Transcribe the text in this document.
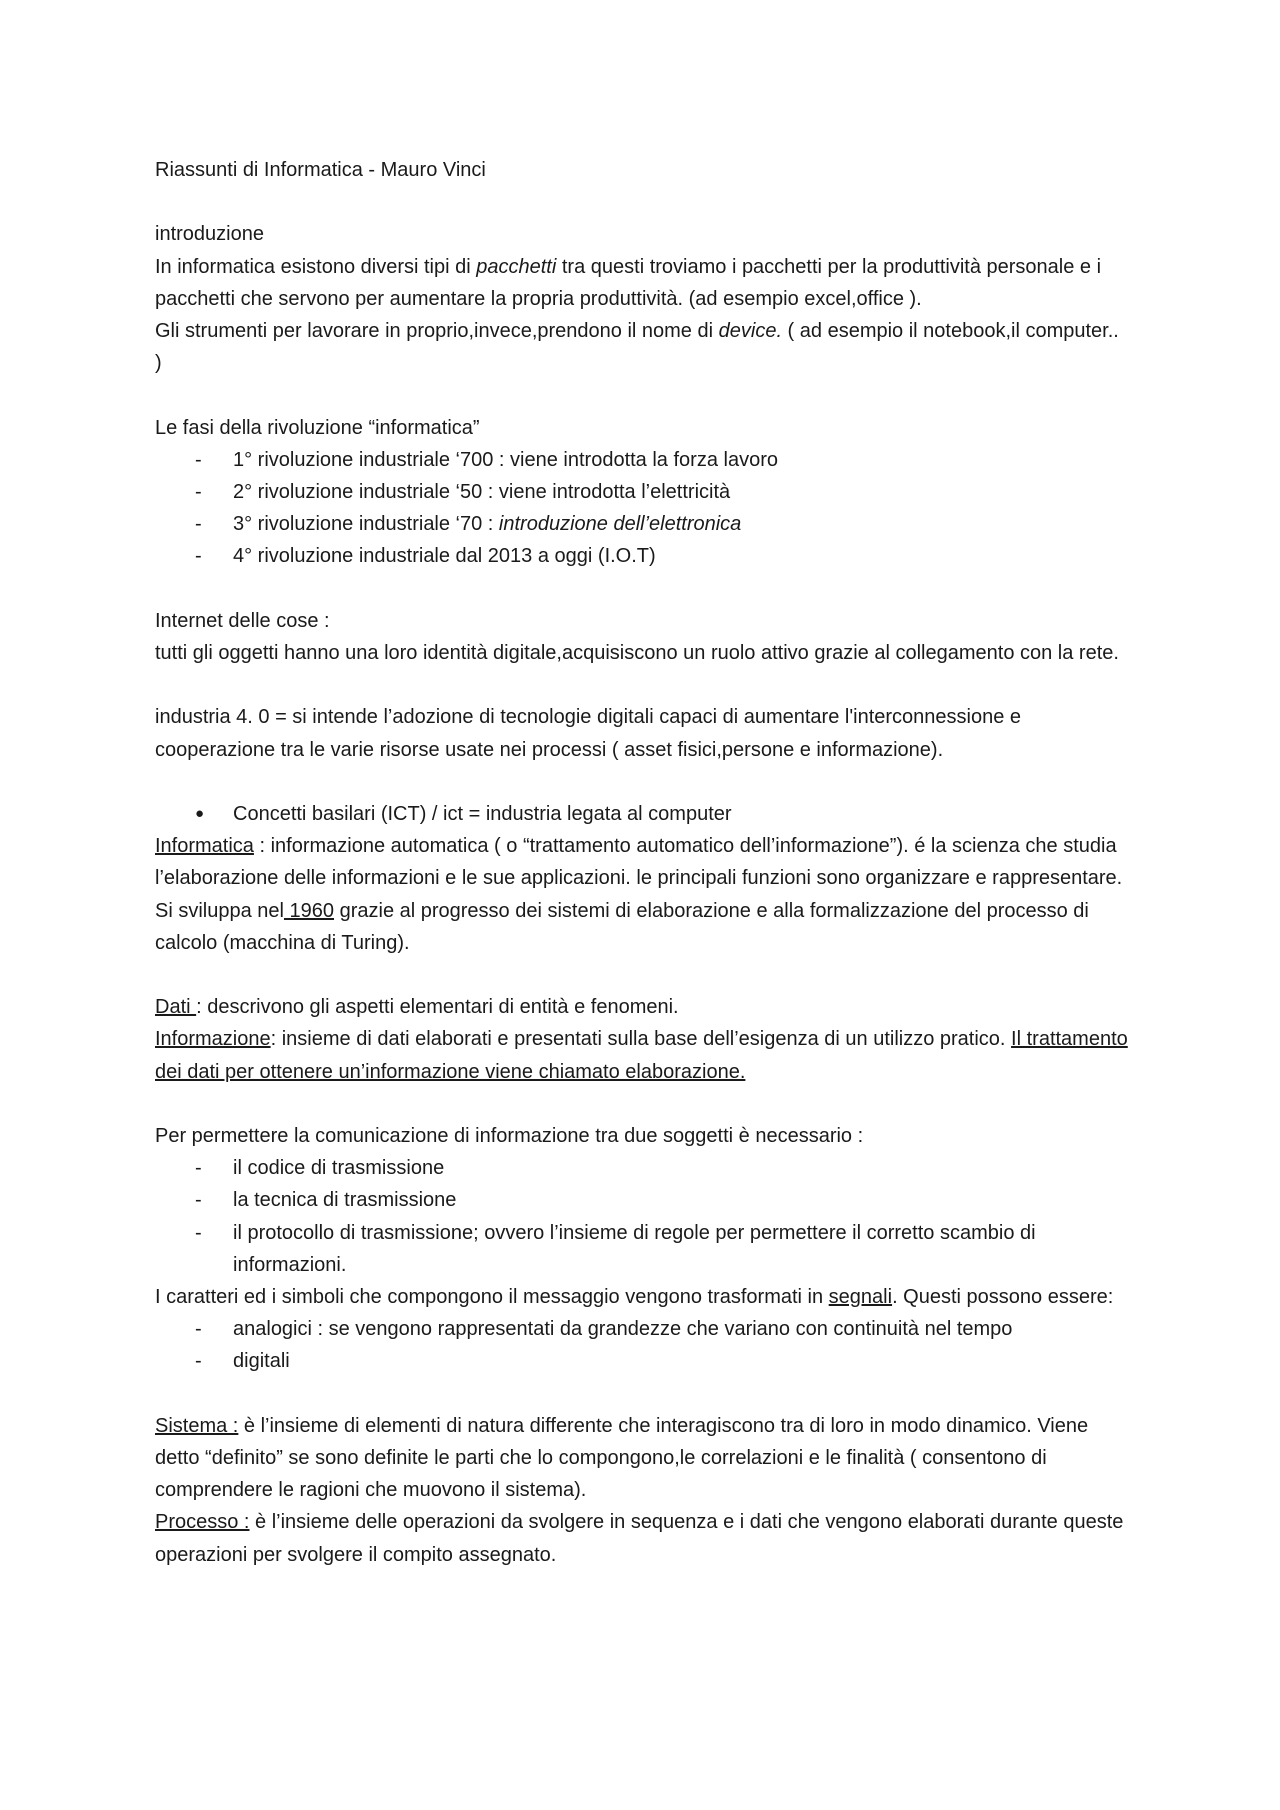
Riassunti di Informatica - Mauro Vinci

introduzione

In informatica esistono diversi tipi di pacchetti tra questi troviamo i pacchetti per la produttività personale e i pacchetti che servono per aumentare la propria produttività. (ad esempio excel,office ).

Gli strumenti per lavorare in proprio,invece,prendono il nome di device. ( ad esempio il notebook,il computer.. )

Le fasi della rivoluzione “informatica”

- 1° rivoluzione industriale ‘700 : viene introdotta la forza lavoro
- 2° rivoluzione industriale ‘50 : viene introdotta l’elettricità
- 3° rivoluzione industriale ‘70 : introduzione dell’elettronica
- 4° rivoluzione industriale dal 2013 a oggi (I.O.T)

Internet delle cose :

tutti gli oggetti hanno una loro identità digitale,acquisiscono un ruolo attivo grazie al collegamento con la rete.

industria 4. 0 = si intende l’adozione di tecnologie digitali capaci di aumentare l'interconnessione e cooperazione tra le varie risorse usate nei processi ( asset fisici,persone e informazione).

● Concetti basilari (ICT) / ict = industria legata al computer

Informatica : informazione automatica ( o “trattamento automatico dell’informazione”). é la scienza che studia l’elaborazione delle informazioni e le sue applicazioni. le principali funzioni sono organizzare e rappresentare. Si sviluppa nel 1960 grazie al progresso dei sistemi di elaborazione e alla formalizzazione del processo di calcolo (macchina di Turing).

Dati : descrivono gli aspetti elementari di entità e fenomeni.

Informazione: insieme di dati elaborati e presentati sulla base dell’esigenza di un utilizzo pratico. Il trattamento dei dati per ottenere un’informazione viene chiamato elaborazione.

Per permettere la comunicazione di informazione tra due soggetti è necessario :

- il codice di trasmissione
- la tecnica di trasmissione
- il protocollo di trasmissione; ovvero l’insieme di regole per permettere il corretto scambio di informazioni.

I caratteri ed i simboli che compongono il messaggio vengono trasformati in segnali. Questi possono essere:

- analogici : se vengono rappresentati da grandezze che variano con continuità nel tempo
- digitali

Sistema : è l’insieme di elementi di natura differente che interagiscono tra di loro in modo dinamico. Viene detto “definito” se sono definite le parti che lo compongono,le correlazioni e le finalità ( consentono di comprendere le ragioni che muovono il sistema).

Processo : è l’insieme delle operazioni da svolgere in sequenza e i dati che vengono elaborati durante queste operazioni per svolgere il compito assegnato.
